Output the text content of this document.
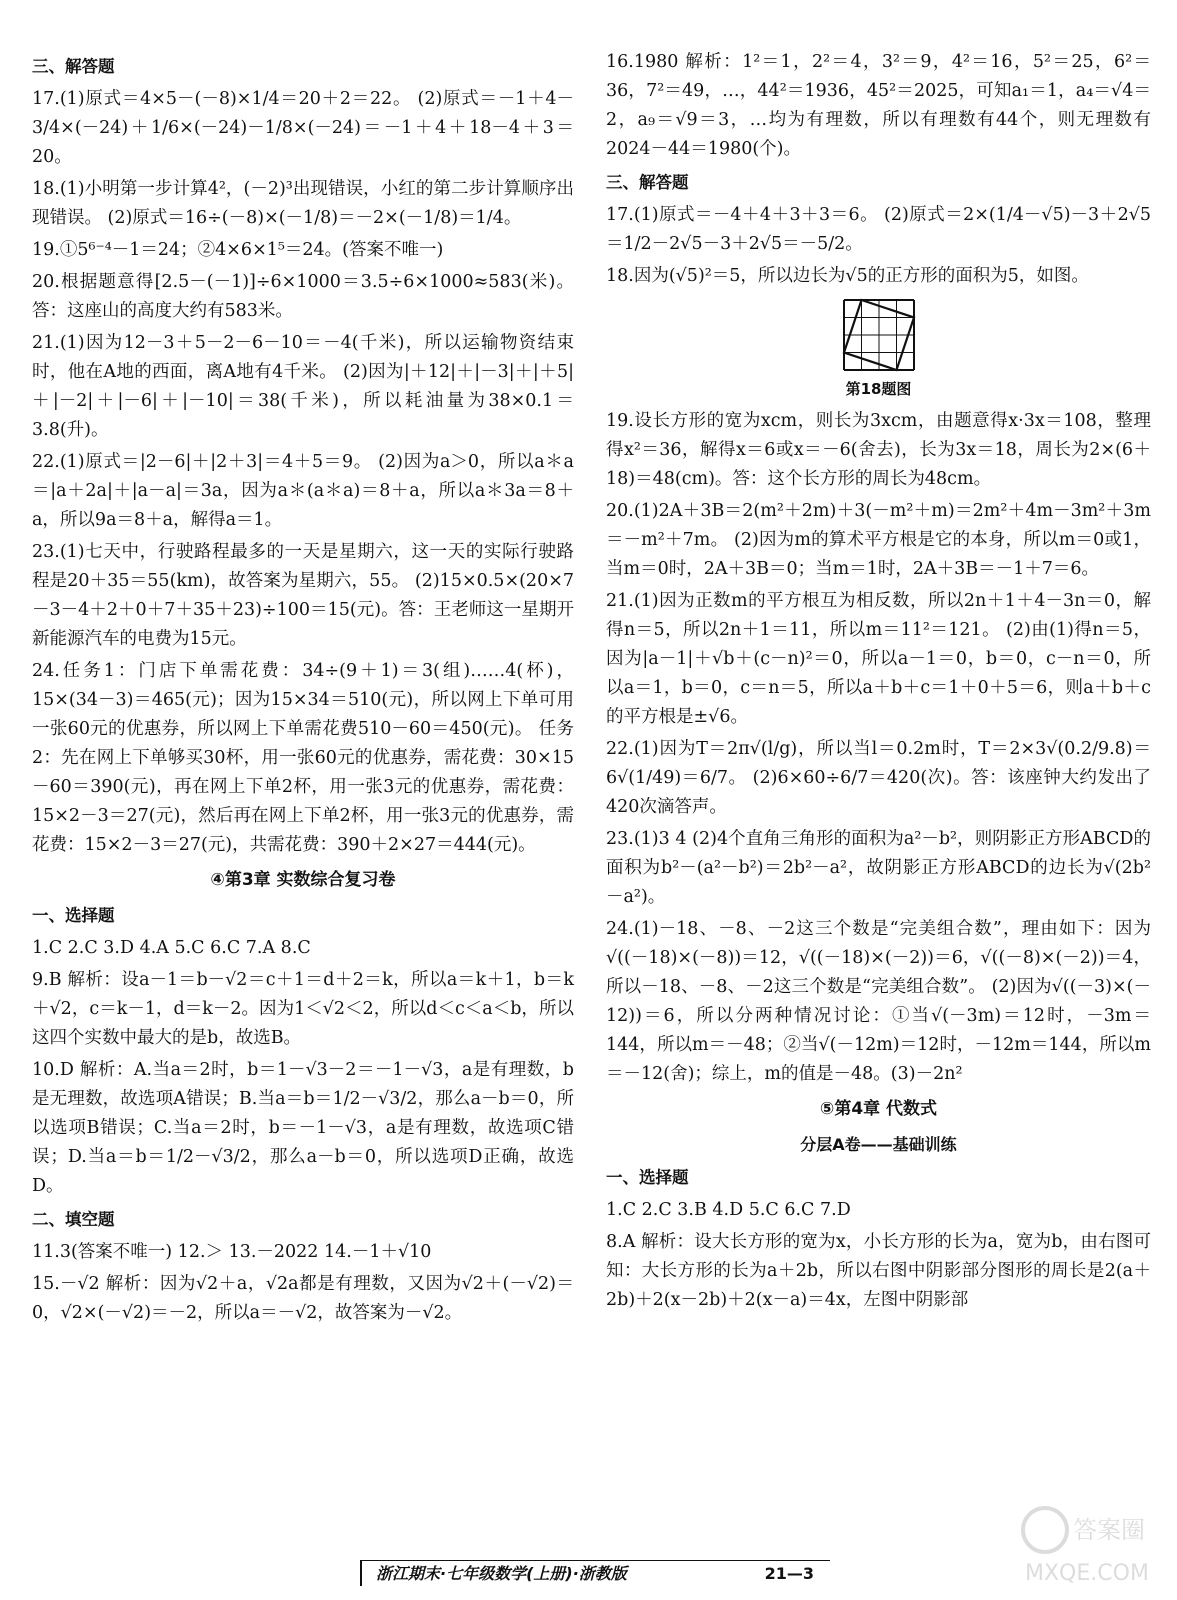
三、解答题

17.(1)原式＝4×5－(－8)×1/4＝20＋2＝22。 (2)原式＝－1＋4－3/4×(－24)＋1/6×(－24)－1/8×(－24)＝－1＋4＋18－4＋3＝20。

18.(1)小明第一步计算4²，(－2)³出现错误，小红的第二步计算顺序出现错误。 (2)原式＝16÷(－8)×(－1/8)＝－2×(－1/8)＝1/4。

19.①5⁶⁻⁴－1＝24；②4×6×1⁵＝24。(答案不唯一)

20.根据题意得[2.5－(－1)]÷6×1000＝3.5÷6×1000≈583(米)。答：这座山的高度大约有583米。

21.(1)因为12－3＋5－2－6－10＝－4(千米)，所以运输物资结束时，他在A地的西面，离A地有4千米。 (2)因为|＋12|＋|－3|＋|＋5|＋|－2|＋|－6|＋|－10|＝38(千米)，所以耗油量为38×0.1＝3.8(升)。

22.(1)原式＝|2－6|＋|2＋3|＝4＋5＝9。 (2)因为a＞0，所以a＊a＝|a＋2a|＋|a－a|＝3a，因为a＊(a＊a)＝8＋a，所以a＊3a＝8＋a，所以9a＝8＋a，解得a＝1。

23.(1)七天中，行驶路程最多的一天是星期六，这一天的实际行驶路程是20＋35＝55(km)，故答案为星期六，55。 (2)15×0.5×(20×7－3－4＋2＋0＋7＋35＋23)÷100＝15(元)。答：王老师这一星期开新能源汽车的电费为15元。

24.任务1：门店下单需花费：34÷(9＋1)＝3(组)……4(杯)，15×(34－3)＝465(元)；因为15×34＝510(元)，所以网上下单可用一张60元的优惠券，所以网上下单需花费510－60＝450(元)。 任务2：先在网上下单够买30杯，用一张60元的优惠券，需花费：30×15－60＝390(元)，再在网上下单2杯，用一张3元的优惠券，需花费：15×2－3＝27(元)，然后再在网上下单2杯，用一张3元的优惠券，需花费：15×2－3＝27(元)，共需花费：390＋2×27＝444(元)。

④第3章 实数综合复习卷

一、选择题

1.C 2.C 3.D 4.A 5.C 6.C 7.A 8.C

9.B 解析：设a－1＝b－√2＝c＋1＝d＋2＝k，所以a＝k＋1，b＝k＋√2，c＝k－1，d＝k－2。因为1＜√2＜2，所以d＜c＜a＜b，所以这四个实数中最大的是b，故选B。

10.D 解析：A.当a＝2时，b＝1－√3－2＝－1－√3，a是有理数，b是无理数，故选项A错误；B.当a＝b＝1/2－√3/2，那么a－b＝0，所以选项B错误；C.当a＝2时，b＝－1－√3，a是有理数，故选项C错误；D.当a＝b＝1/2－√3/2，那么a－b＝0，所以选项D正确，故选D。

二、填空题

11.3(答案不唯一) 12.＞ 13.－2022 14.－1＋√10

15.－√2 解析：因为√2＋a，√2a都是有理数，又因为√2＋(－√2)＝0，√2×(－√2)＝－2，所以a＝－√2，故答案为－√2。

16.1980 解析：1²＝1，2²＝4，3²＝9，4²＝16，5²＝25，6²＝36，7²＝49，…，44²＝1936，45²＝2025，可知a₁＝1，a₄＝√4＝2，a₉＝√9＝3，…均为有理数，所以有理数有44个，则无理数有2024－44＝1980(个)。

三、解答题

17.(1)原式＝－4＋4＋3＋3＝6。 (2)原式＝2×(1/4－√5)－3＋2√5＝1/2－2√5－3＋2√5＝－5/2。

18.因为(√5)²＝5，所以边长为√5的正方形的面积为5，如图。

第18题图

19.设长方形的宽为xcm，则长为3xcm，由题意得x·3x＝108，整理得x²＝36，解得x＝6或x＝－6(舍去)，长为3x＝18，周长为2×(6＋18)＝48(cm)。答：这个长方形的周长为48cm。

20.(1)2A＋3B＝2(m²＋2m)＋3(－m²＋m)＝2m²＋4m－3m²＋3m＝－m²＋7m。 (2)因为m的算术平方根是它的本身，所以m＝0或1，当m＝0时，2A＋3B＝0；当m＝1时，2A＋3B＝－1＋7＝6。

21.(1)因为正数m的平方根互为相反数，所以2n＋1＋4－3n＝0，解得n＝5，所以2n＋1＝11，所以m＝11²＝121。 (2)由(1)得n＝5，因为|a－1|＋√b＋(c－n)²＝0，所以a－1＝0，b＝0，c－n＝0，所以a＝1，b＝0，c＝n＝5，所以a＋b＋c＝1＋0＋5＝6，则a＋b＋c的平方根是±√6。

22.(1)因为T＝2π√(l/g)，所以当l＝0.2m时，T＝2×3√(0.2/9.8)＝6√(1/49)＝6/7。 (2)6×60÷6/7＝420(次)。答：该座钟大约发出了420次滴答声。

23.(1)3 4 (2)4个直角三角形的面积为a²－b²，则阴影正方形ABCD的面积为b²－(a²－b²)＝2b²－a²，故阴影正方形ABCD的边长为√(2b²－a²)。

24.(1)－18、－8、－2这三个数是“完美组合数”，理由如下：因为√((－18)×(－8))＝12，√((－18)×(－2))＝6，√((－8)×(－2))＝4，所以－18、－8、－2这三个数是“完美组合数”。 (2)因为√((－3)×(－12))＝6，所以分两种情况讨论：①当√(－3m)＝12时，－3m＝144，所以m＝－48；②当√(－12m)＝12时，－12m＝144，所以m＝－12(舍)；综上，m的值是－48。(3)－2n²

⑤第4章 代数式

分层A卷——基础训练

一、选择题

1.C 2.C 3.B 4.D 5.C 6.C 7.D

8.A 解析：设大长方形的宽为x，小长方形的长为a，宽为b，由右图可知：大长方形的长为a＋2b，所以右图中阴影部分图形的周长是2(a＋2b)＋2(x－2b)＋2(x－a)＝4x，左图中阴影部

浙江期末·七年级数学(上册)·浙教版	21—3
答案圈
MXQE.COM
